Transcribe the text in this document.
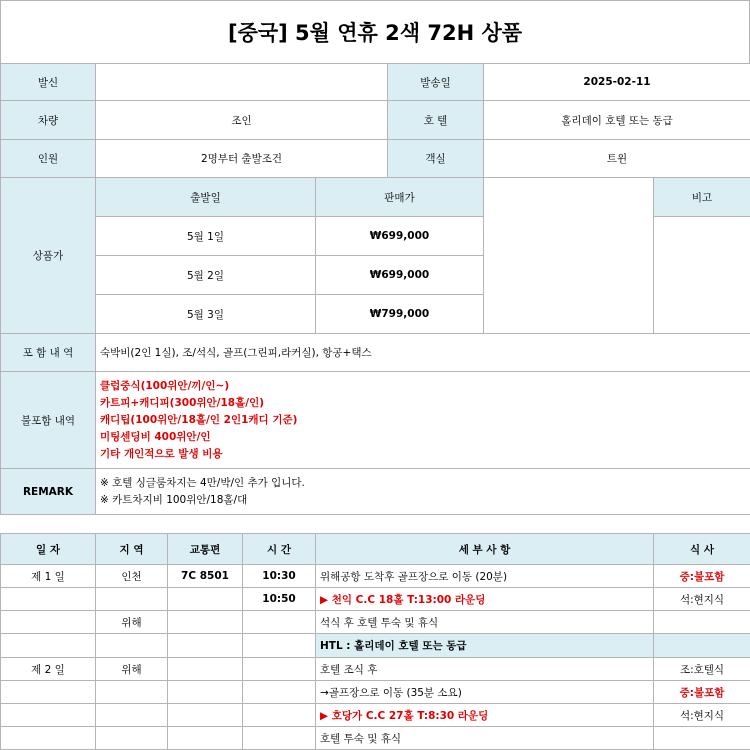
[중국] 5월 연휴 2색 72H 상품
발신			발송일	2025-02-11	
차량	조인		호 텔	홀리데이 호텔 또는 동급	
인원	2명부터 출발조건		객실	트윈	
상품가	출발일	판매가			비고
	5월 1일	₩699,000			
	5월 2일	₩699,000			
	5월 3일	₩799,000			
포 함 내 역	숙박비(2인 1실), 조/석식, 골프(그린피,라커실), 항공+택스				
불포함 내역	클럽중식(100위안/끼/인~)
카트피+캐디피(300위안/18홀/인)
캐디팁(100위안/18홀/인 2인1캐디 기준)
미팅센딩비 400위안/인
기타 개인적으로 발생 비용				

REMARK	※ 호텔 싱글룸차지는 4만/박/인 추가 입니다.
※ 카트차지비 100위안/18홀/대				
일 자	지 역	교통편	시 간	세 부 사 항	식 사
제 1 일	인천	7C 8501	10:30	위해공항 도착후 골프장으로 이동 (20분)	중:불포함
			10:50	▶ 천익 C.C 18홀 T:13:00 라운딩	석:현지식
	위해			석식 후 호텔 투숙 및 휴식	
				HTL : 홀리데이 호텔 또는 동급	
제 2 일	위해			호텔 조식 후	조:호텔식
				→골프장으로 이동 (35분 소요)	중:불포함
				▶ 호당가 C.C 27홀 T:8:30 라운딩	석:현지식
				호텔 투숙 및 휴식	
